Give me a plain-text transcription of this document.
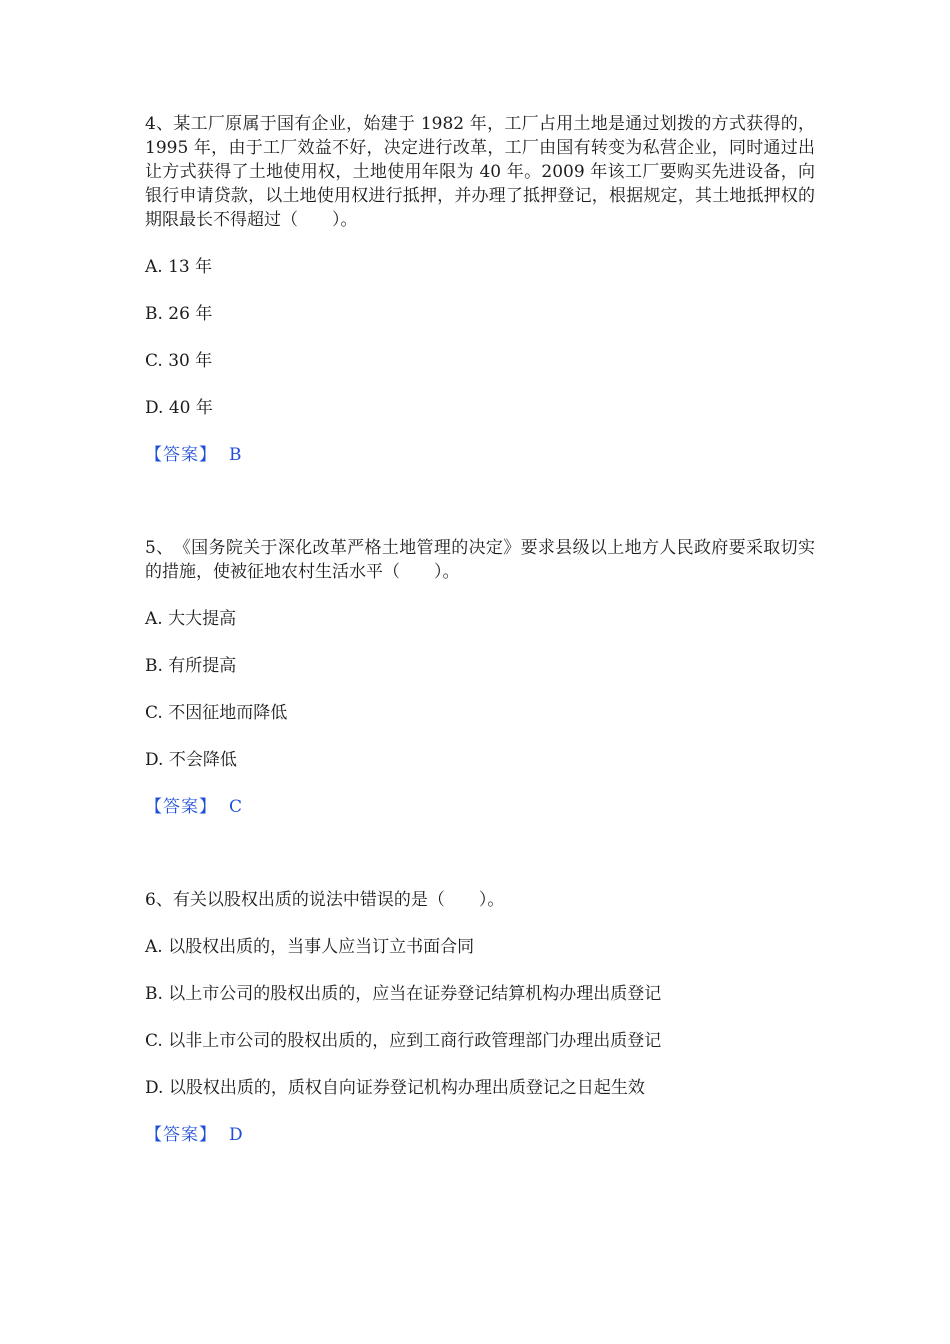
4、某工厂原属于国有企业，始建于 1982 年，工厂占用土地是通过划拨的方式获得的，1995 年，由于工厂效益不好，决定进行改革，工厂由国有转变为私营企业，同时通过出让方式获得了土地使用权，土地使用年限为 40 年。2009 年该工厂要购买先进设备，向银行申请贷款，以土地使用权进行抵押，并办理了抵押登记，根据规定，其土地抵押权的期限最长不得超过（　　）。

A. 13 年

B. 26 年

C. 30 年

D. 40 年

【答案】 B

5、　《国务院关于深化改革严格土地管理的决定》要求县级以上地方人民政府要采取切实的措施，使被征地农村生活水平（　　）。

A. 大大提高

B. 有所提高

C. 不因征地而降低

D. 不会降低

【答案】 C

6、有关以股权出质的说法中错误的是（　　）。

A. 以股权出质的，当事人应当订立书面合同

B. 以上市公司的股权出质的，应当在证券登记结算机构办理出质登记

C. 以非上市公司的股权出质的，应到工商行政管理部门办理出质登记

D. 以股权出质的，质权自向证券登记机构办理出质登记之日起生效

【答案】 D
